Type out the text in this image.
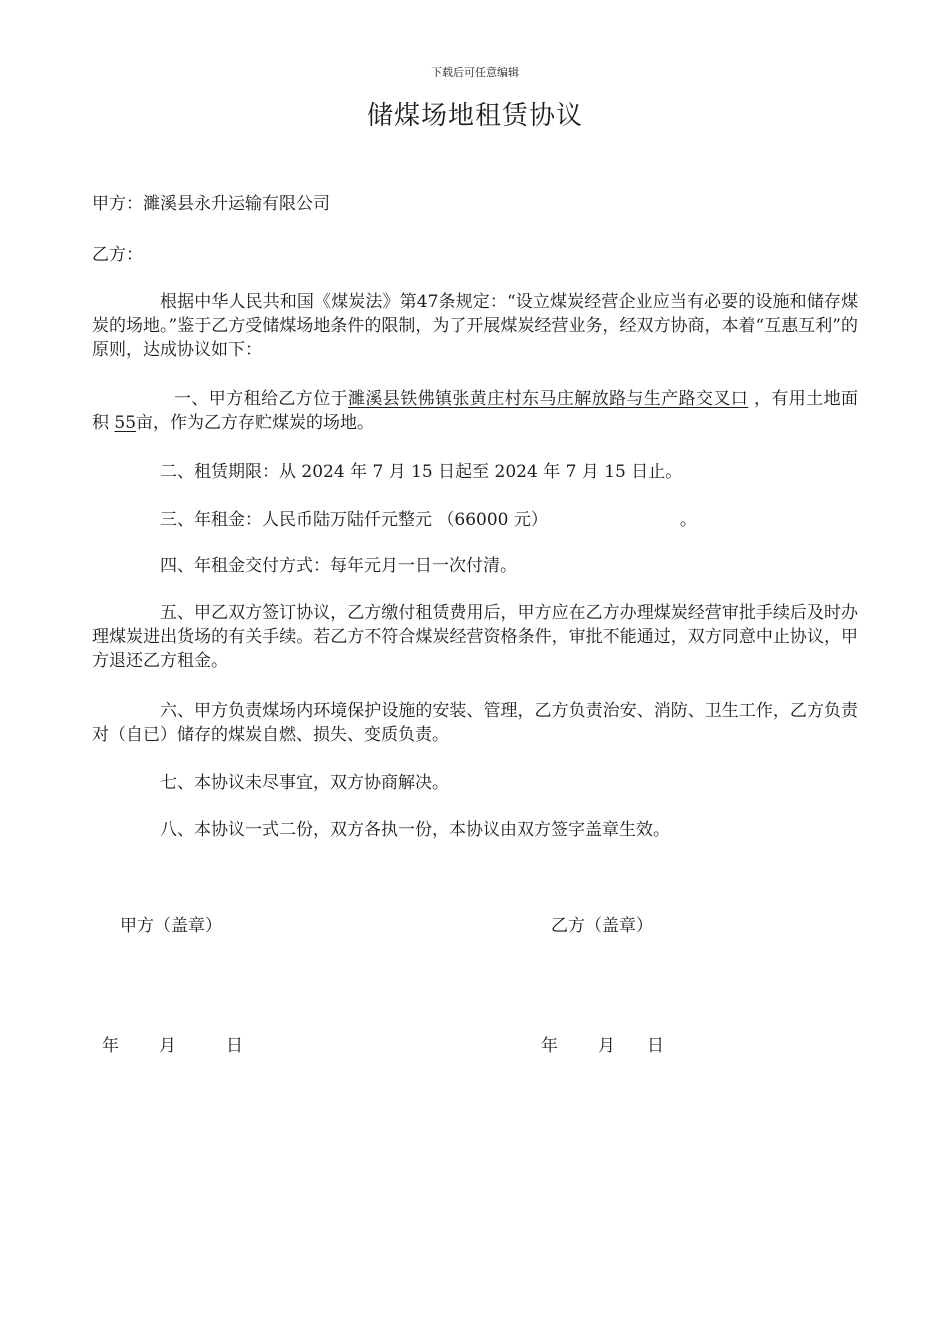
下载后可任意编辑
储煤场地租赁协议
甲方：濉溪县永升运输有限公司
乙方：
根据中华人民共和国《煤炭法》第47条规定：“设立煤炭经营企业应当有必要的设施和储存煤炭的场地。”鉴于乙方受储煤场地条件的限制，为了开展煤炭经营业务，经双方协商，本着“互惠互利”的原则，达成协议如下：
一、甲方租给乙方位于濉溪县铁佛镇张黄庄村东马庄解放路与生产路交叉口 ，有用土地面积 55亩，作为乙方存贮煤炭的场地。
二、租赁期限：从 2024 年 7 月 15 日起至 2024 年 7 月 15 日止。
三、年租金：人民币陆万陆仟元整元 （66000 元）	。
四、年租金交付方式：每年元月一日一次付清。
五、甲乙双方签订协议，乙方缴付租赁费用后，甲方应在乙方办理煤炭经营审批手续后及时办理煤炭进出货场的有关手续。若乙方不符合煤炭经营资格条件，审批不能通过，双方同意中止协议，甲方退还乙方租金。
六、甲方负责煤场内环境保护设施的安装、管理，乙方负责治安、消防、卫生工作，乙方负责对（自已）储存的煤炭自燃、损失、变质负责。
七、本协议未尽事宜，双方协商解决。
八、本协议一式二份，双方各执一份，本协议由双方签字盖章生效。
甲方（盖章）	乙方（盖章）
年 月	日	年 月 日
